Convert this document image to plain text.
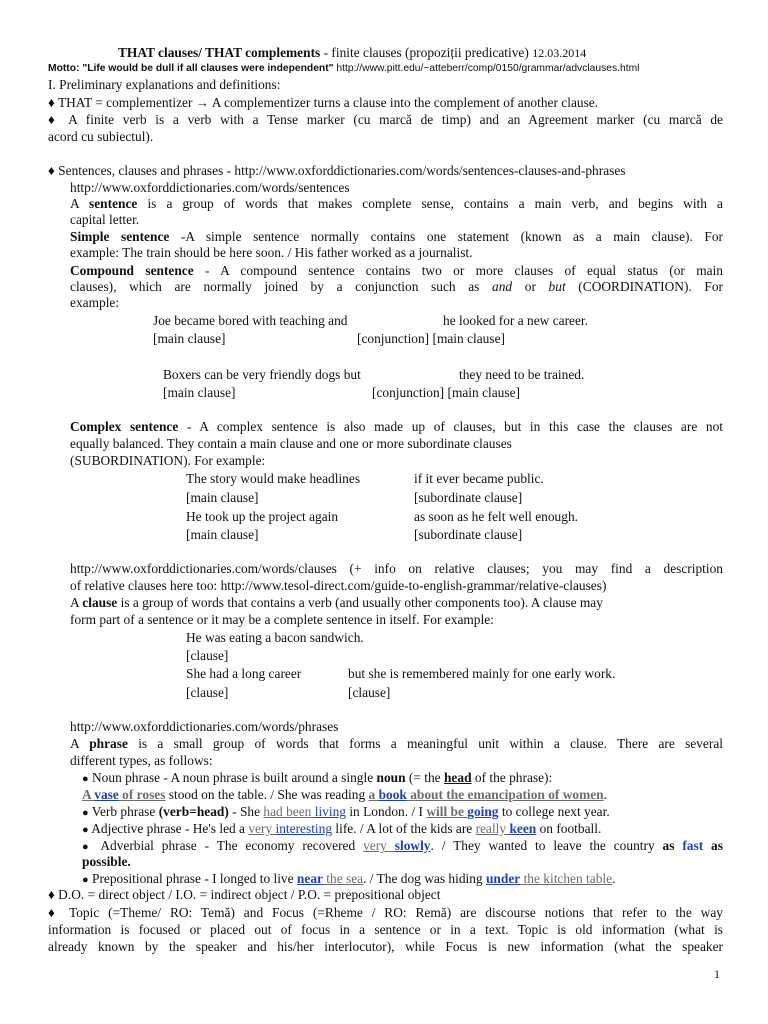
THAT clauses/ THAT complements - finite clauses (propoziții predicative) 12.03.2014
Motto: "Life would be dull if all clauses were independent" http://www.pitt.edu/~atteberr/comp/0150/grammar/advclauses.html
I. Preliminary explanations and definitions:
♦ THAT = complementizer → A complementizer turns a clause into the complement of another clause.
♦ A finite verb is a verb with a Tense marker (cu marcă de timp) and an Agreement marker (cu marcă de
acord cu subiectul).
♦ Sentences, clauses and phrases - http://www.oxforddictionaries.com/words/sentences-clauses-and-phrases
http://www.oxforddictionaries.com/words/sentences
A sentence is a group of words that makes complete sense, contains a main verb, and begins with a
capital letter.
Simple sentence -A simple sentence normally contains one statement (known as a main clause). For
example: The train should be here soon. / His father worked as a journalist.
Compound sentence - A compound sentence contains two or more clauses of equal status (or main
clauses), which are normally joined by a conjunction such as and or but (COORDINATION). For
example:
Joe became bored with teaching and	he looked for a new career.
[main clause]	[conjunction] [main clause]
Boxers can be very friendly dogs but	they need to be trained.
[main clause]	[conjunction] [main clause]
Complex sentence - A complex sentence is also made up of clauses, but in this case the clauses are not
equally balanced. They contain a main clause and one or more subordinate clauses
(SUBORDINATION). For example:
The story would make headlines	if it ever became public.
[main clause]	[subordinate clause]
He took up the project again	as soon as he felt well enough.
[main clause]	[subordinate clause]
http://www.oxforddictionaries.com/words/clauses (+ info on relative clauses; you may find a description
of relative clauses here too: http://www.tesol-direct.com/guide-to-english-grammar/relative-clauses)
A clause is a group of words that contains a verb (and usually other components too). A clause may
form part of a sentence or it may be a complete sentence in itself. For example:
He was eating a bacon sandwich.
[clause]
She had a long career	but she is remembered mainly for one early work.
[clause]	[clause]
http://www.oxforddictionaries.com/words/phrases
A phrase is a small group of words that forms a meaningful unit within a clause. There are several
different types, as follows:
● Noun phrase - A noun phrase is built around a single noun (= the head of the phrase):
A vase of roses stood on the table. / She was reading a book about the emancipation of women.
● Verb phrase (verb=head) - She had been living in London. / I will be going to college next year.
● Adjective phrase - He's led a very interesting life. / A lot of the kids are really keen on football.
● Adverbial phrase - The economy recovered very slowly. / They wanted to leave the country as fast as
possible.
● Prepositional phrase - I longed to live near the sea. / The dog was hiding under the kitchen table.
♦ D.O. = direct object / I.O. = indirect object / P.O. = prepositional object
♦ Topic (=Theme/ RO: Temă) and Focus (=Rheme / RO: Remă) are discourse notions that refer to the way
information is focused or placed out of focus in a sentence or in a text. Topic is old information (what is
already known by the speaker and his/her interlocutor), while Focus is new information (what the speaker
1
